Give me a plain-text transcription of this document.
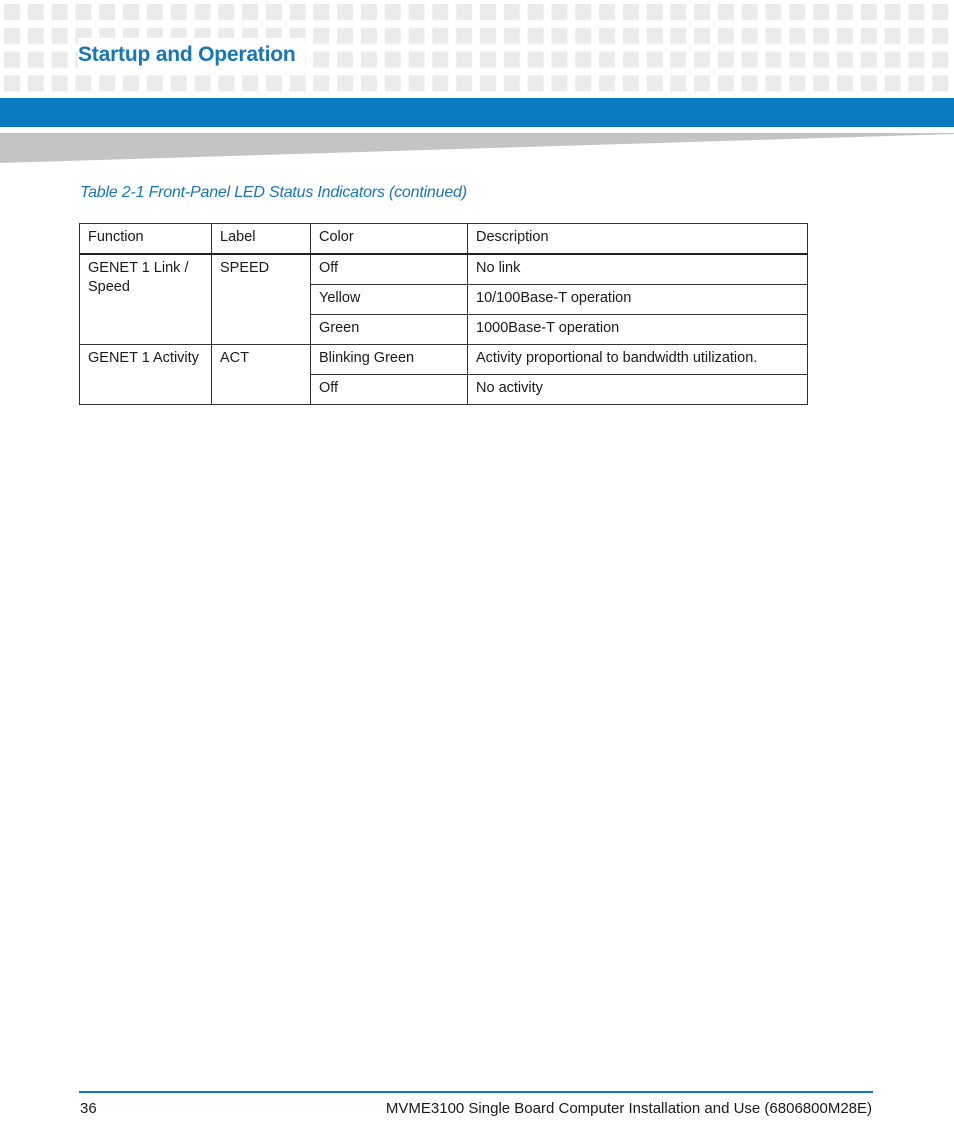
Startup and Operation
Table 2-1 Front-Panel LED Status Indicators (continued)
Function	Label	Color	Description
GENET 1 Link / Speed	SPEED	Off	No link
		Yellow	10/100Base-T operation
		Green	1000Base-T operation
GENET 1 Activity	ACT	Blinking Green	Activity proportional to bandwidth utilization.
		Off	No activity
36	MVME3100 Single Board Computer Installation and Use (6806800M28E)
